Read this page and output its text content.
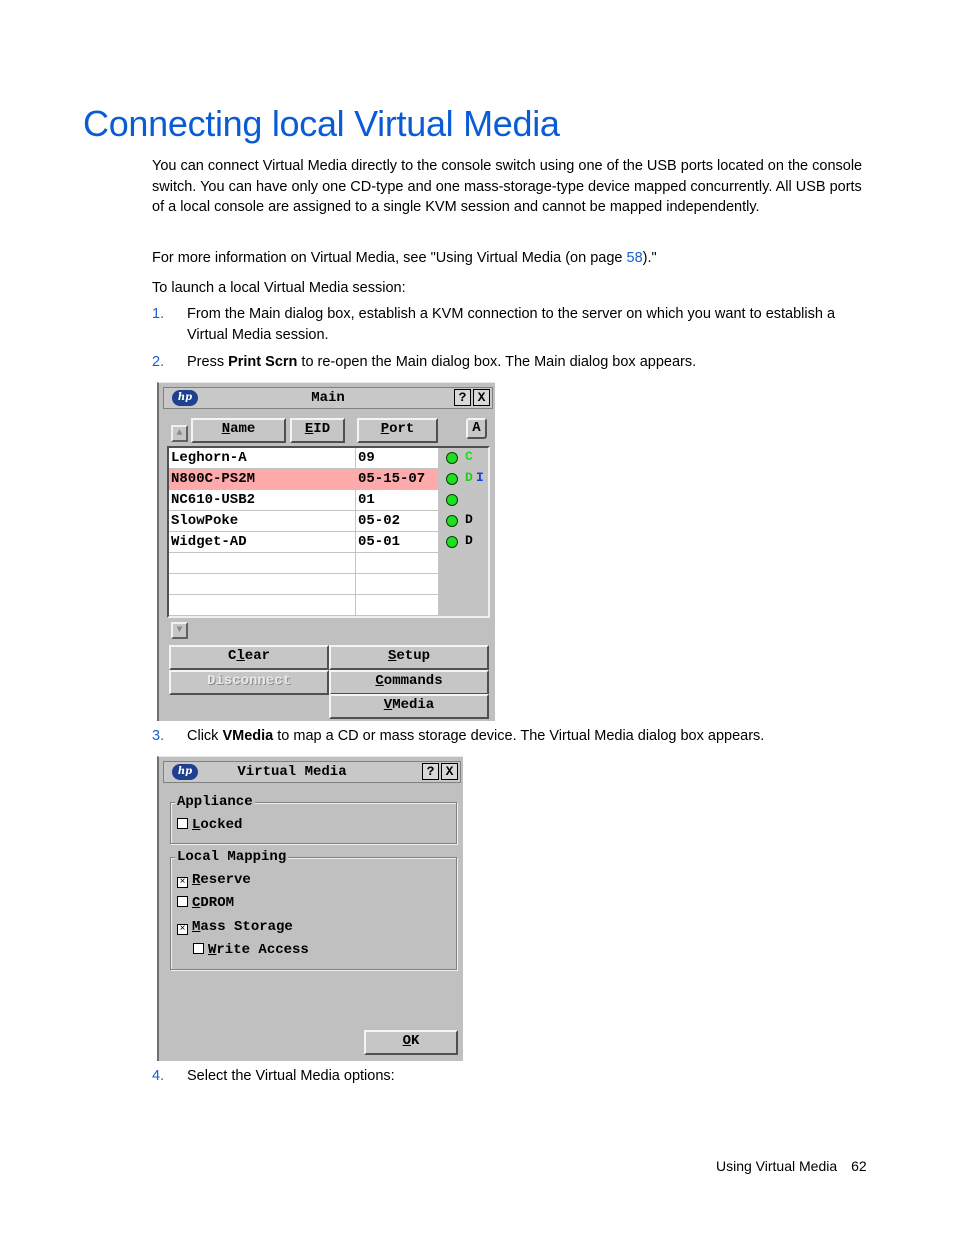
Connecting local Virtual Media

You can connect Virtual Media directly to the console switch using one of the USB ports located on the console switch. You can have only one CD-type and one mass-storage-type device mapped concurrently. All USB ports of a local console are assigned to a single KVM session and cannot be mapped independently.

For more information on Virtual Media, see "Using Virtual Media (on page 58)."

To launch a local Virtual Media session:

1. From the Main dialog box, establish a KVM connection to the server on which you want to establish a Virtual Media session.
2. Press Print Scrn to re-open the Main dialog box. The Main dialog box appears.
hp	Main	? X
▲	Name	EID	Port	A
Leghorn-A	09	C
N800C-PS2M	05-15-07	D I
NC610-USB2	01
SlowPoke	05-02	D
Widget-AD	05-01	D
▼
Clear	Setup
Disconnect	Commands
VMedia
3. Click VMedia to map a CD or mass storage device. The Virtual Media dialog box appears.
hp	Virtual Media	? X
Appliance
Locked
Local Mapping
× Reserve
CDROM
× Mass Storage
Write Access
OK
4. Select the Virtual Media options:
Using Virtual Media 62
